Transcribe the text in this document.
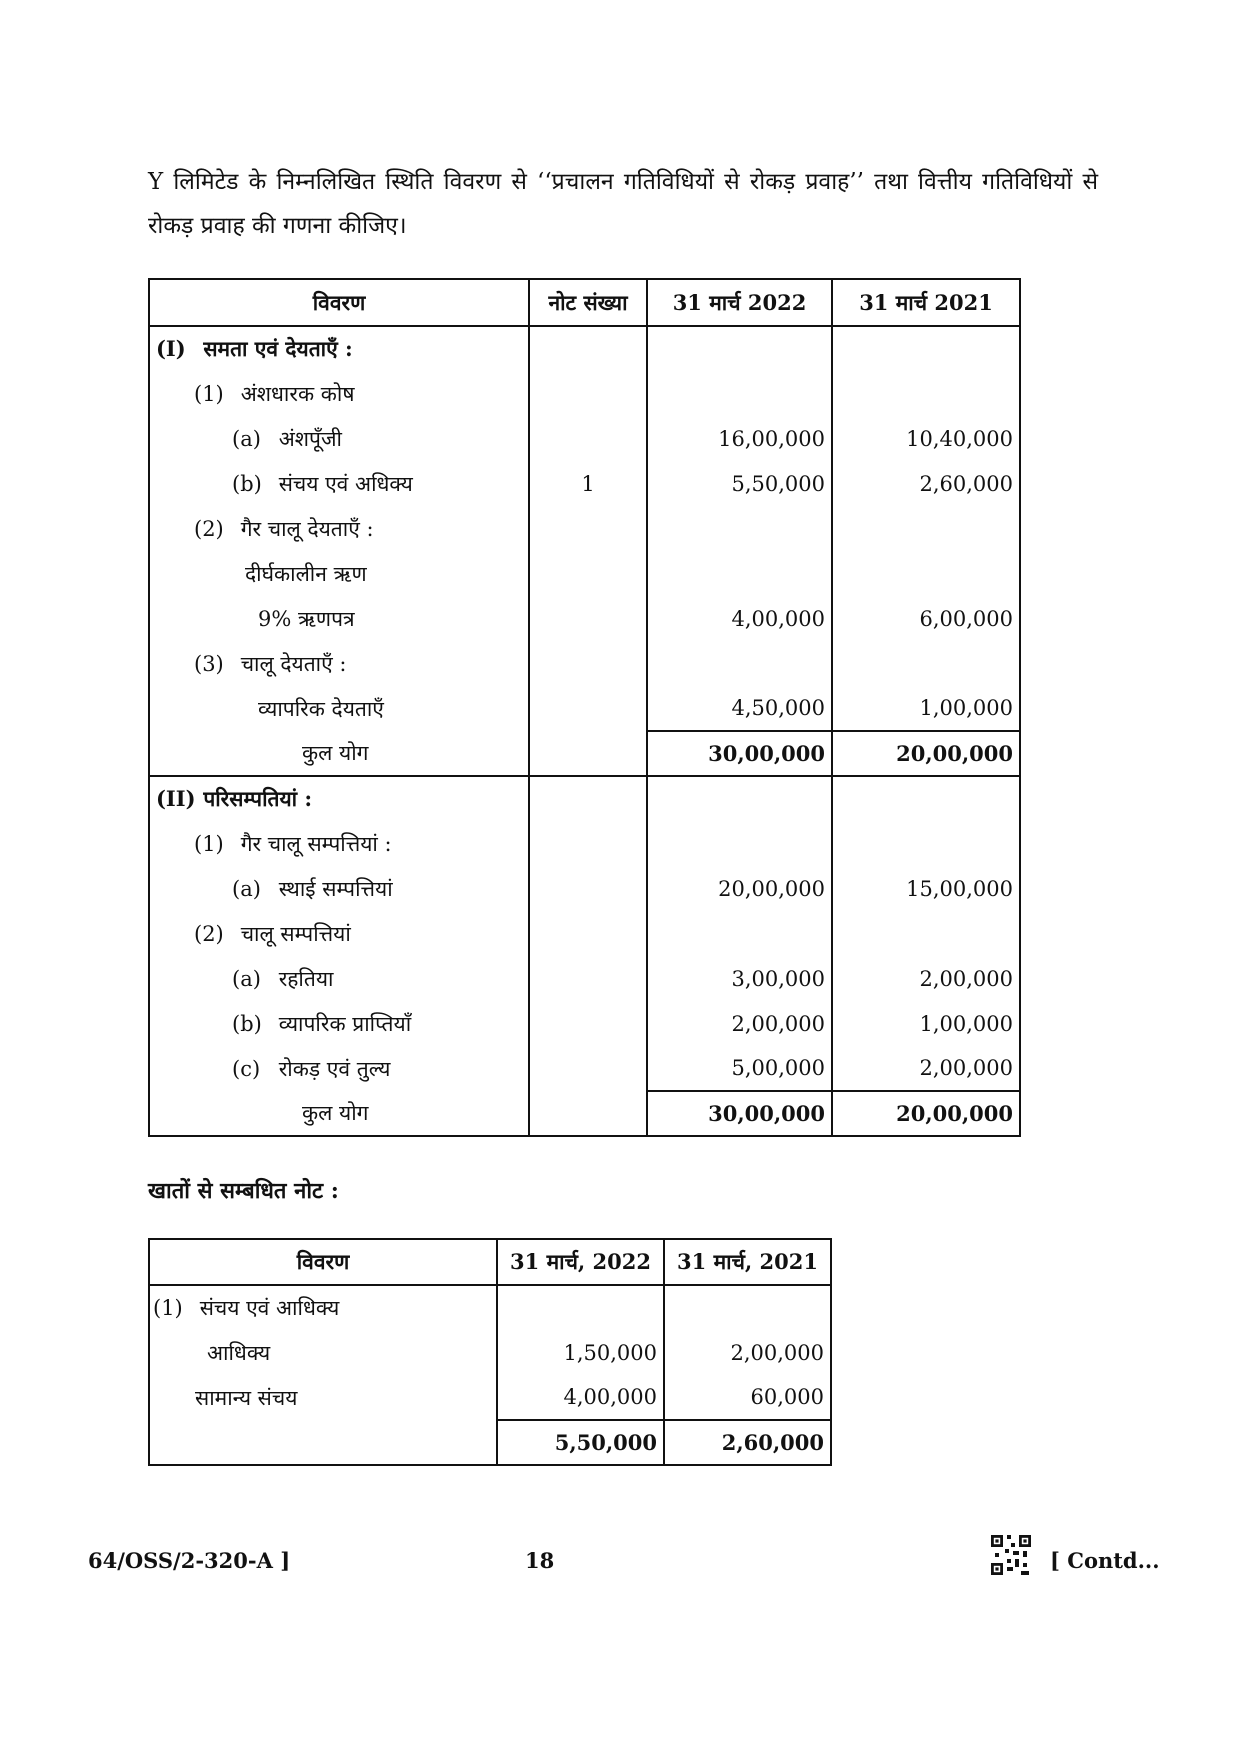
Y लिमिटेड के निम्नलिखित स्थिति विवरण से ‘‘प्रचालन गतिविधियों से रोकड़ प्रवाह’’ तथा वित्तीय गतिविधियों से रोकड़ प्रवाह की गणना कीजिए।

विवरण	नोट संख्या	31 मार्च 2022	31 मार्च 2021
(I) समता एवं देयताएँ :			
(1) अंशधारक कोष			
(a) अंशपूँजी		16,00,000	10,40,000
(b) संचय एवं अधिक्य	1	5,50,000	2,60,000
(2) गैर चालू देयताएँ :			
दीर्घकालीन ऋण			
9% ऋणपत्र		4,00,000	6,00,000
(3) चालू देयताएँ :			
व्यापरिक देयताएँ		4,50,000	1,00,000
कुल योग		30,00,000	20,00,000
(II) परिसम्पतियां :			
(1) गैर चालू सम्पत्तियां :			
(a) स्थाई सम्पत्तियां		20,00,000	15,00,000
(2) चालू सम्पत्तियां			
(a) रहतिया		3,00,000	2,00,000
(b) व्यापरिक प्राप्तियाँ		2,00,000	1,00,000
(c) रोकड़ एवं तुल्य		5,00,000	2,00,000
कुल योग		30,00,000	20,00,000

खातों से सम्बधित नोट :

विवरण	31 मार्च, 2022	31 मार्च, 2021
(1) संचय एवं आधिक्य		
आधिक्य	1,50,000	2,00,000
सामान्य संचय	4,00,000	60,000
	5,50,000	2,60,000
64/OSS/2-320-A ]	18	[ Contd...
